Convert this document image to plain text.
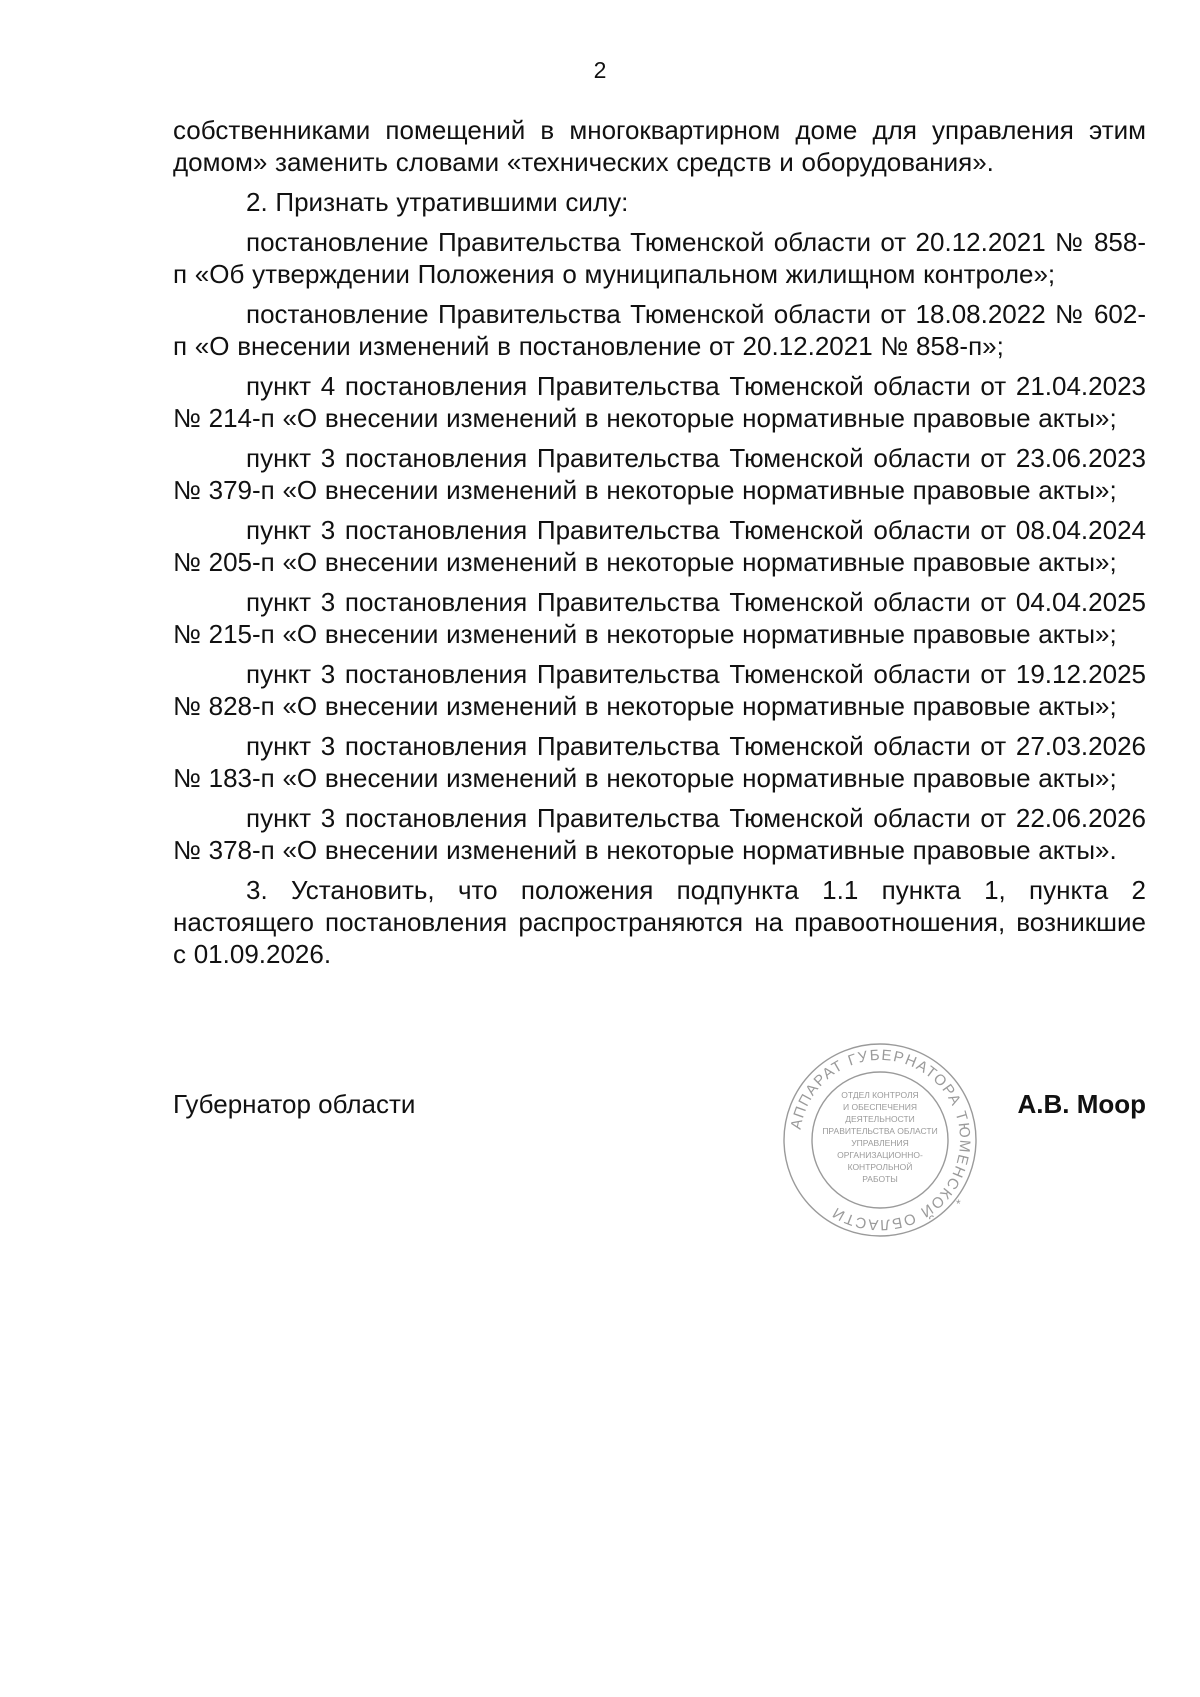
2

собственниками помещений в многоквартирном доме для управления этим домом» заменить словами «технических средств и оборудования».

2. Признать утратившими силу:

постановление Правительства Тюменской области от 20.12.2021 № 858-п «Об утверждении Положения о муниципальном жилищном контроле»;

постановление Правительства Тюменской области от 18.08.2022 № 602-п «О внесении изменений в постановление от 20.12.2021 № 858-п»;

пункт 4 постановления Правительства Тюменской области от 21.04.2023 № 214-п «О внесении изменений в некоторые нормативные правовые акты»;

пункт 3 постановления Правительства Тюменской области от 23.06.2023 № 379-п «О внесении изменений в некоторые нормативные правовые акты»;

пункт 3 постановления Правительства Тюменской области от 08.04.2024 № 205-п «О внесении изменений в некоторые нормативные правовые акты»;

пункт 3 постановления Правительства Тюменской области от 04.04.2025 № 215-п «О внесении изменений в некоторые нормативные правовые акты»;

пункт 3 постановления Правительства Тюменской области от 19.12.2025 № 828-п «О внесении изменений в некоторые нормативные правовые акты»;

пункт 3 постановления Правительства Тюменской области от 27.03.2026 № 183-п «О внесении изменений в некоторые нормативные правовые акты»;

пункт 3 постановления Правительства Тюменской области от 22.06.2026 № 378-п «О внесении изменений в некоторые нормативные правовые акты».

3. Установить, что положения подпункта 1.1 пункта 1, пункта 2 настоящего постановления распространяются на правоотношения, возникшие с 01.09.2026.

Губернатор области	А.В. Моор
АППАРАТ ГУБЕРНАТОРА ТЮМЕНСКОЙ ОБЛАСТИ	*
ОТДЕЛ КОНТРОЛЯ
И ОБЕСПЕЧЕНИЯ
ДЕЯТЕЛЬНОСТИ
ПРАВИТЕЛЬСТВА ОБЛАСТИ
УПРАВЛЕНИЯ
ОРГАНИЗАЦИОННО-
КОНТРОЛЬНОЙ
РАБОТЫ
